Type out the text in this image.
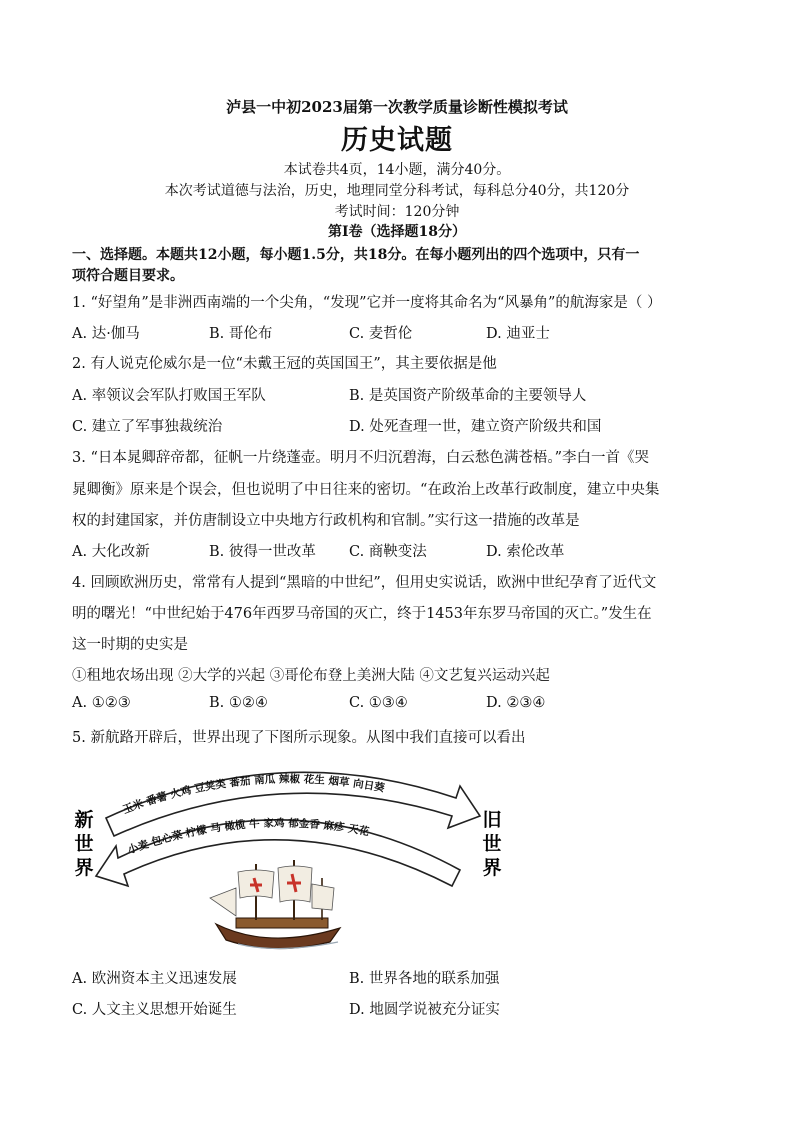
泸县一中初2023届第一次教学质量诊断性模拟考试
历史试题
本试卷共4页，14小题，满分40分。
本次考试道德与法治，历史，地理同堂分科考试，每科总分40分，共120分
考试时间：120分钟
第I卷（选择题18分）
一、选择题。本题共12小题，每小题1.5分，共18分。在每小题列出的四个选项中，只有一
项符合题目要求。
1. “好望角”是非洲西南端的一个尖角，“发现”它并一度将其命名为“风暴角”的航海家是（ ）
A. 达·伽马	B. 哥伦布	C. 麦哲伦	D. 迪亚士
2. 有人说克伦威尔是一位“未戴王冠的英国国王”，其主要依据是他
A. 率领议会军队打败国王军队	B. 是英国资产阶级革命的主要领导人
C. 建立了军事独裁统治	D. 处死查理一世，建立资产阶级共和国
3. “日本晁卿辞帝都，征帆一片绕蓬壶。明月不归沉碧海，白云愁色满苍梧。”李白一首《哭
晁卿衡》原来是个误会，但也说明了中日往来的密切。“在政治上改革行政制度，建立中央集
权的封建国家，并仿唐制设立中央地方行政机构和官制。”实行这一措施的改革是
A. 大化改新	B. 彼得一世改革 C. 商鞅变法	D. 索伦改革
4. 回顾欧洲历史，常常有人提到“黑暗的中世纪”，但用史实说话，欧洲中世纪孕育了近代文
明的曙光！“中世纪始于476年西罗马帝国的灭亡，终于1453年东罗马帝国的灭亡。”发生在
这一时期的史实是
①租地农场出现 ②大学的兴起 ③哥伦布登上美洲大陆 ④文艺复兴运动兴起
A. ①②③	B. ①②④	C. ①③④	D. ②③④
5. 新航路开辟后，世界出现了下图所示现象。从图中我们直接可以看出
玉米 番薯 火鸡 豆荚类 番茄 南瓜 辣椒 花生 烟草 向日葵
小麦 包心菜 柠檬 马 橄榄 牛 家鸡 郁金香 麻疹 天花
新
世
界
旧
世
界
A. 欧洲资本主义迅速发展	B. 世界各地的联系加强
C. 人文主义思想开始诞生	D. 地圆学说被充分证实
